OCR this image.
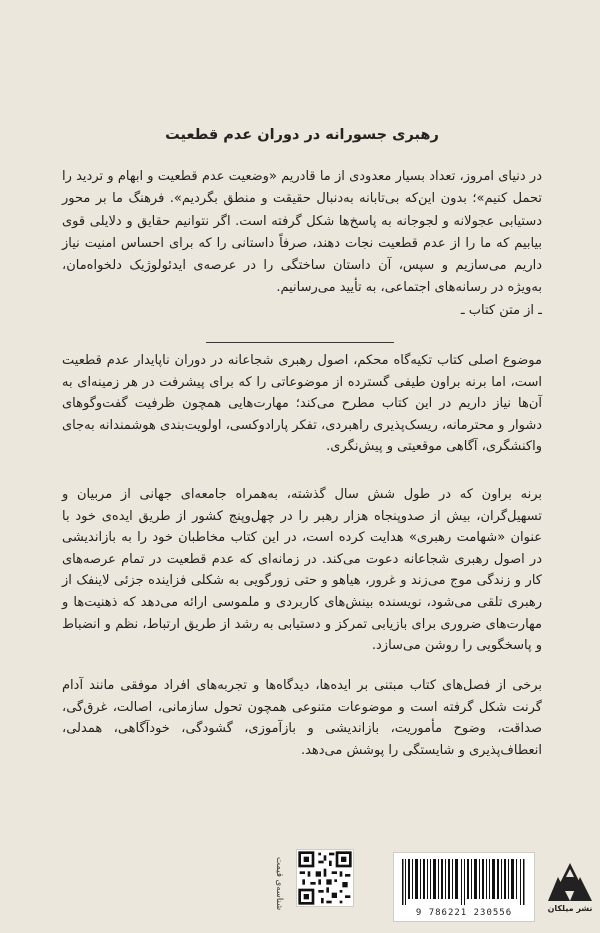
رهبری جسورانه در دوران عدم قطعیت

در دنیای امروز، تعداد بسیار معدودی از ما قادریم «وضعیت عدم قطعیت و ابهام و تردید را تحمل کنیم»؛ بدون این‌که بی‌تابانه به‌دنبال حقیقت و منطق بگردیم». فرهنگ ما بر محور دستیابی عجولانه و لجوجانه به پاسخ‌ها شکل گرفته است. اگر نتوانیم حقایق و دلایلی قوی بیابیم که ما را از عدم قطعیت نجات دهند، صرفاً داستانی را که برای احساس امنیت نیاز داریم می‌سازیم و سپس، آن داستان ساختگی را در عرصه‌ی ایدئولوژیک دلخواه‌مان، به‌ویژه در رسانه‌های اجتماعی، به تأیید می‌رسانیم.

ـ از متن کتاب ـ

موضوع اصلی کتاب تکیه‌گاه محکم، اصول رهبری شجاعانه در دوران ناپایدار عدم قطعیت است، اما برنه براون طیفی گسترده از موضوعاتی را که برای پیشرفت در هر زمینه‌ای به آن‌ها نیاز داریم در این کتاب مطرح می‌کند؛ مهارت‌هایی همچون ظرفیت گفت‌وگوهای دشوار و محترمانه، ریسک‌پذیری راهبردی، تفکر پارادوکسی، اولویت‌بندی هوشمندانه به‌جای واکنشگری، آگاهی موقعیتی و پیش‌نگری.

برنه براون که در طول شش سال گذشته، به‌همراه جامعه‌ای جهانی از مربیان و تسهیل‌گران، بیش از صدوپنجاه هزار رهبر را در چهل‌وپنج کشور از طریق ایده‌ی خود با عنوان «شهامت رهبری» هدایت کرده است، در این کتاب مخاطبان خود را به بازاندیشی در اصول رهبری شجاعانه دعوت می‌کند. در زمانه‌ای که عدم قطعیت در تمام عرصه‌های کار و زندگی موج می‌زند و غرور، هیاهو و حتی زورگویی به شکلی فزاینده جزئی لاینفک از رهبری تلقی می‌شود، نویسنده بینش‌های کاربردی و ملموسی ارائه می‌دهد که ذهنیت‌ها و مهارت‌های ضروری برای بازیابی تمرکز و دستیابی به رشد از طریق ارتباط، نظم و انضباط و پاسخگویی را روشن می‌سازد.

برخی از فصل‌های کتاب مبتنی بر ایده‌ها، دیدگاه‌ها و تجربه‌های افراد موفقی مانند آدام گرنت شکل گرفته است و موضوعات متنوعی همچون تحول سازمانی، اصالت، غرق‌گی، صداقت، وضوح مأموریت، بازاندیشی و بازآموزی، گشودگی، خودآگاهی، همدلی، انعطاف‌پذیری و شایستگی را پوشش می‌دهد.

شناسه‌ی قیمت
9 786221 230556	نشر میلکان
